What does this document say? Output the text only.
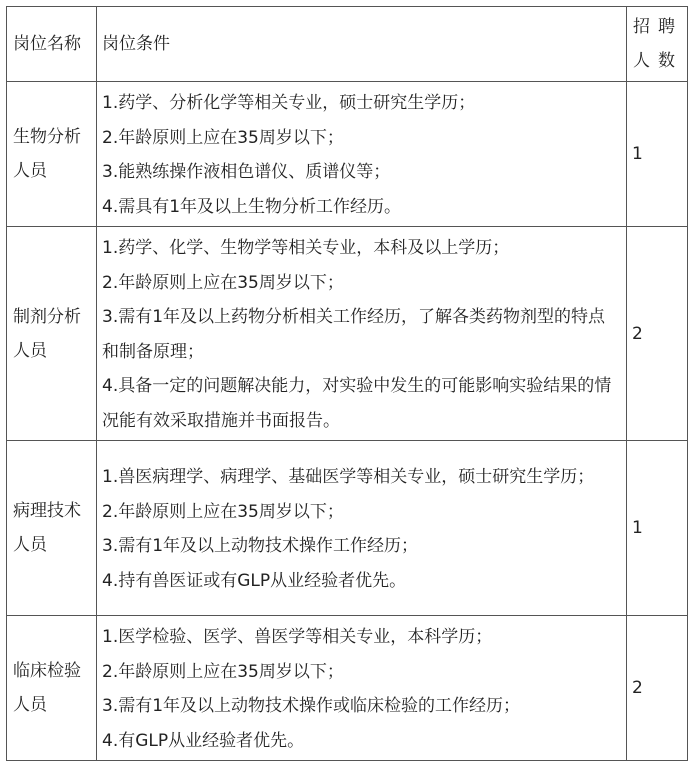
岗位名称	岗位条件	招聘人数
生物分析人员	1.药学、分析化学等相关专业，硕士研究生学历；
2.年龄原则上应在35周岁以下；
3.能熟练操作液相色谱仪、质谱仪等；
4.需具有1年及以上生物分析工作经历。	1
制剂分析人员	1.药学、化学、生物学等相关专业，本科及以上学历；
2.年龄原则上应在35周岁以下；
3.需有1年及以上药物分析相关工作经历，了解各类药物剂型的特点和制备原理；
4.具备一定的问题解决能力，对实验中发生的可能影响实验结果的情况能有效采取措施并书面报告。	2
病理技术人员	1.兽医病理学、病理学、基础医学等相关专业，硕士研究生学历；
2.年龄原则上应在35周岁以下；
3.需有1年及以上动物技术操作工作经历；
4.持有兽医证或有GLP从业经验者优先。	1
临床检验人员	1.医学检验、医学、兽医学等相关专业，本科学历；
2.年龄原则上应在35周岁以下；
3.需有1年及以上动物技术操作或临床检验的工作经历；
4.有GLP从业经验者优先。	2
